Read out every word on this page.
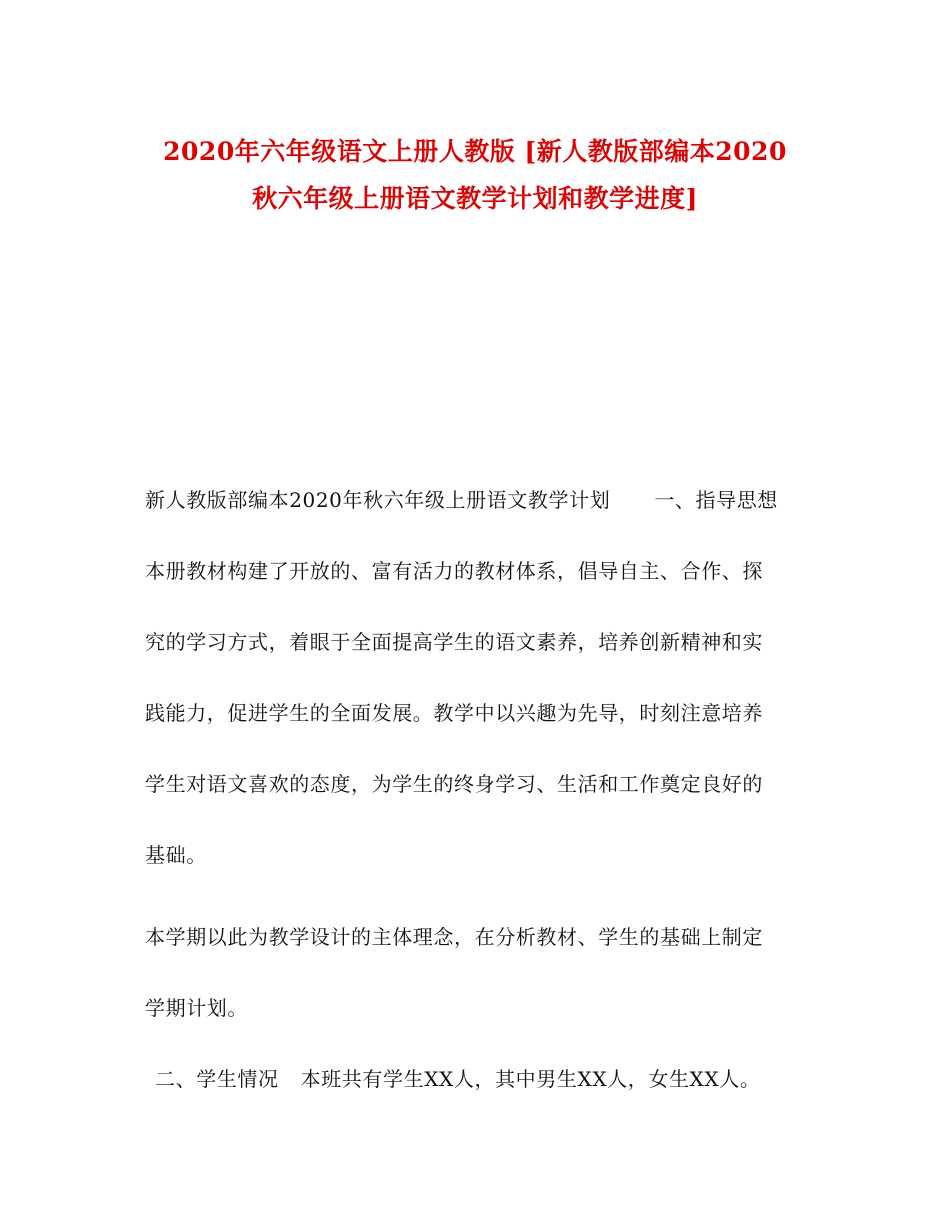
2020年六年级语文上册人教版 [新人教版部编本2020
秋六年级上册语文教学计划和教学进度]
新人教版部编本2020年秋六年级上册语文教学计划 一、指导思想
本册教材构建了开放的、富有活力的教材体系，倡导自主、合作、探
究的学习方式，着眼于全面提高学生的语文素养，培养创新精神和实
践能力，促进学生的全面发展。教学中以兴趣为先导，时刻注意培养
学生对语文喜欢的态度，为学生的终身学习、生活和工作奠定良好的
基础。
本学期以此为教学设计的主体理念，在分析教材、学生的基础上制定
学期计划。
二、学生情况 本班共有学生XX人，其中男生XX人，女生XX人。
